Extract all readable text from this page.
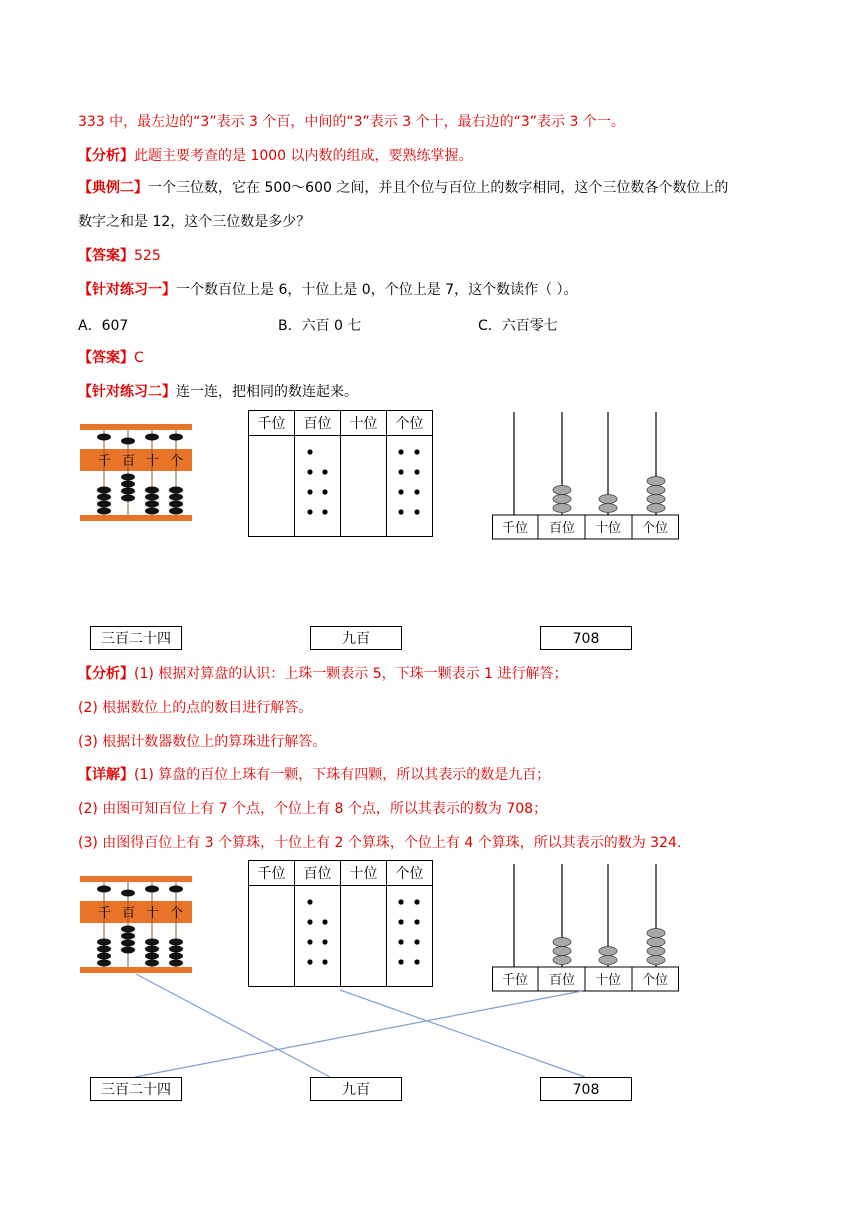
333 中，最左边的“3”表示 3 个百，中间的“3”表示 3 个十，最右边的“3”表示 3 个一。
【分析】此题主要考查的是 1000 以内数的组成，要熟练掌握。
【典例二】一个三位数，它在 500～600 之间，并且个位与百位上的数字相同，这个三位数各个数位上的
数字之和是 12，这个三位数是多少？
【答案】525
【针对练习一】一个数百位上是 6，十位上是 0，个位上是 7，这个数读作（ ）。
A．607	B．六百 0 七	C．六百零七
【答案】C
【针对练习二】连一连，把相同的数连起来。
千 百 十 个
千位	百位	十位	个位

千位 百位 十位 个位
三百二十四	九百	708
【分析】(1) 根据对算盘的认识：上珠一颗表示 5，下珠一颗表示 1 进行解答；
(2) 根据数位上的点的数目进行解答。
(3) 根据计数器数位上的算珠进行解答。
【详解】(1) 算盘的百位上珠有一颗，下珠有四颗，所以其表示的数是九百；
(2) 由图可知百位上有 7 个点，个位上有 8 个点，所以其表示的数为 708；
(3) 由图得百位上有 3 个算珠，十位上有 2 个算珠，个位上有 4 个算珠，所以其表示的数为 324.
千 百 十 个
千位	百位	十位	个位

千位 百位 十位 个位
三百二十四	九百	708
